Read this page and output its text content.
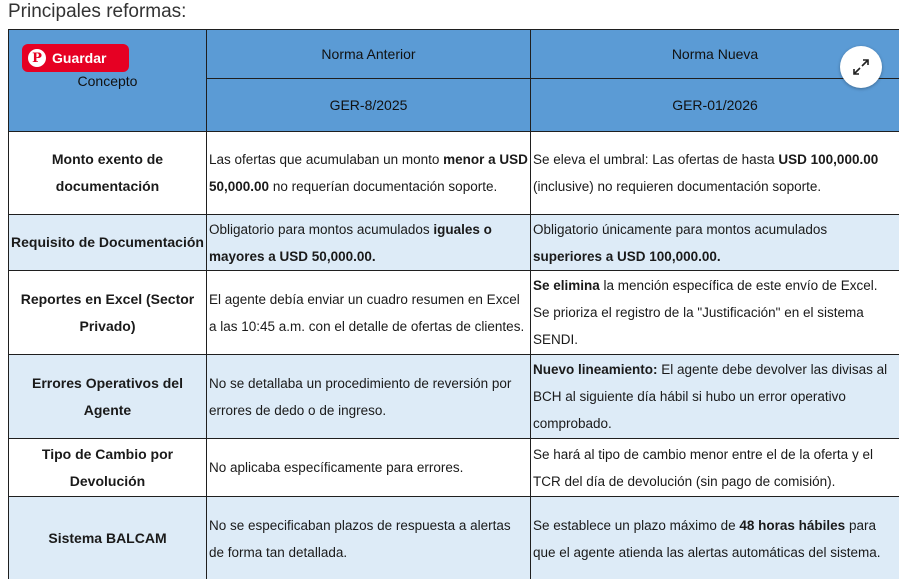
Principales reformas:
Concepto	Norma Anterior	Norma Nueva
	GER-8/2025	GER-01/2026
Monto exento de documentación	Las ofertas que acumulaban un monto menor a USD 50,000.00 no requerían documentación soporte.	Se eleva el umbral: Las ofertas de hasta USD 100,000.00 (inclusive) no requieren documentación soporte.
Requisito de Documentación	Obligatorio para montos acumulados iguales o mayores a USD 50,000.00.	Obligatorio únicamente para montos acumulados superiores a USD 100,000.00.
Reportes en Excel (Sector Privado)	El agente debía enviar un cuadro resumen en Excel a las 10:45 a.m. con el detalle de ofertas de clientes.	Se elimina la mención específica de este envío de Excel. Se prioriza el registro de la "Justificación" en el sistema SENDI.
Errores Operativos del Agente	No se detallaba un procedimiento de reversión por errores de dedo o de ingreso.	Nuevo lineamiento: El agente debe devolver las divisas al BCH al siguiente día hábil si hubo un error operativo comprobado.
Tipo de Cambio por Devolución	No aplicaba específicamente para errores.	Se hará al tipo de cambio menor entre el de la oferta y el TCR del día de devolución (sin pago de comisión).
Sistema BALCAM	No se especificaban plazos de respuesta a alertas de forma tan detallada.	Se establece un plazo máximo de 48 horas hábiles para que el agente atienda las alertas automáticas del sistema.
P Guardar
